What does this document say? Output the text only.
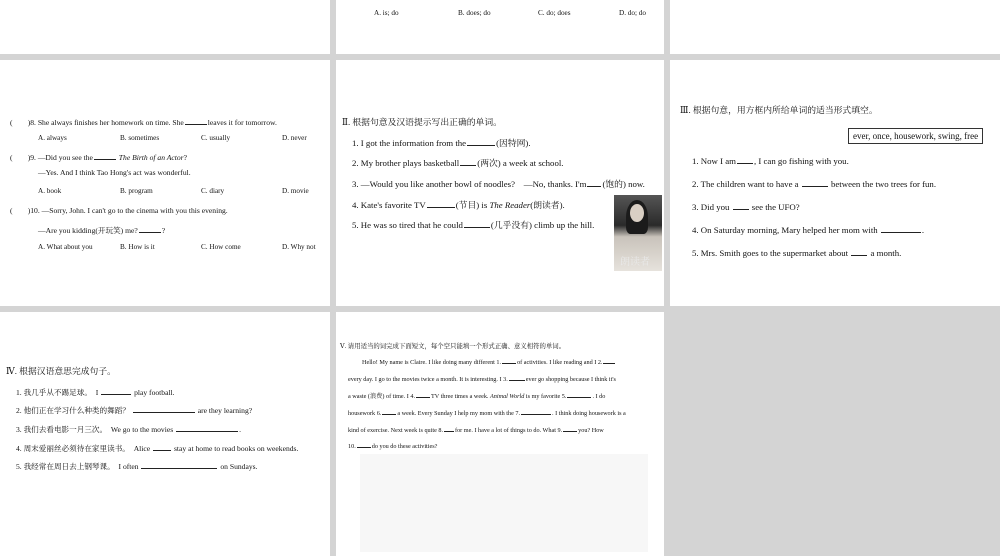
A. is; do	B. does; do	C. do; does	D. do; do
(　　)8. She always finishes her homework on time. She	leaves it for tomorrow.
A. always	B. sometimes	C. usually	D. never
(　　)9. —Did you see the	The Birth of an Actor?
—Yes. And I think Tao Hong's act was wonderful.
A. book	B. program	C. diary	D. movie
(　　)10. —Sorry, John. I can't go to the cinema with you this evening.
—Are you kidding(开玩笑) me?	?
A. What about you	B. How is it	C. How come	D. Why not
Ⅱ. 根据句意及汉语提示写出正确的单词。
1. I got the information from the	(因特网).
2. My brother plays basketball (两次) a week at school.
3. —Would you like another bowl of noodles?　—No, thanks. I'm (饱的) now.
4. Kate's favorite TV	(节目) is The Reader(朗读者).
5. He was so tired that he could	(几乎没有) climb up the hill.
朗读者
Ⅲ. 根据句意，用方框内所给单词的适当形式填空。
ever, once, housework, swing, free
1. Now I am , I can go fishing with you.
2. The children want to have a	between the two trees for fun.
3. Did you	see the UFO?
4. On Saturday morning, Mary helped her mom with	.
5. Mrs. Smith goes to the supermarket about	a month.
Ⅳ. 根据汉语意思完成句子。
1. 我几乎从不踢足球。　I	play football.
2. 他们正在学习什么种类的舞蹈？	are they learning?
3. 我们去看电影一月三次。　We go to the movies	.
4. 周末爱丽丝必须待在家里读书。　Alice	stay at home to read books on weekends.
5. 我经常在周日去上钢琴课。　I often	on Sundays.
Ⅴ. 请用适当的词完成下面短文，每个空只能填一个形式正确、意义相符的单词。
Hello! My name is Claire. I like doing many different 1.	of activities. I like reading and I 2.
every day. I go to the movies twice a month. It is interesting. I 3.	ever go shopping because I think it's
a waste (浪费) of time. I 4.	TV three times a week. Animal World is my favorite 5.	. I do
housework 6.	a week. Every Sunday I help my mom with the 7.	. I think doing housework is a
kind of exercise. Next week is quite 8. for me. I have a lot of things to do. What 9.	you? How
10.	do you do these activities?
